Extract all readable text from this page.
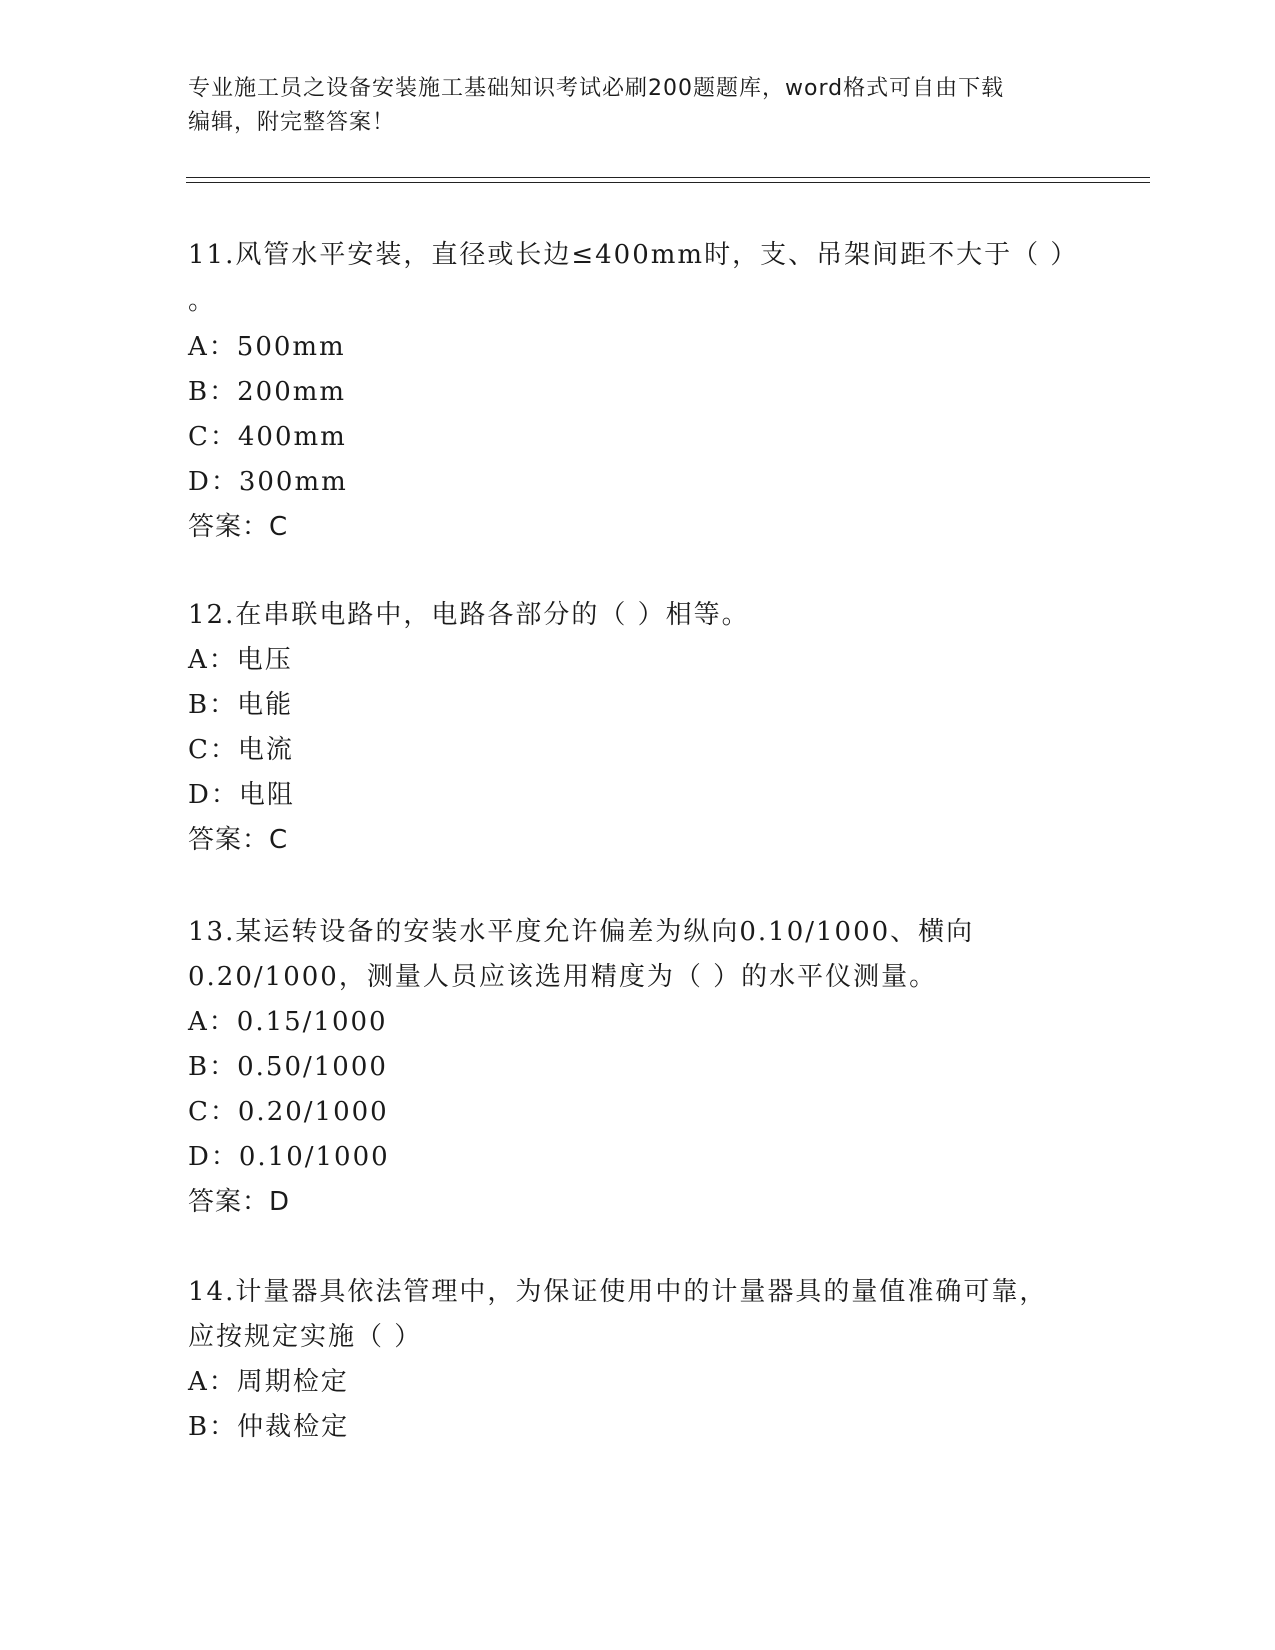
专业施工员之设备安装施工基础知识考试必刷200题题库，word格式可自由下载
编辑，附完整答案！
11.风管水平安装，直径或长边≤400mm时，支、吊架间距不大于（ ）
。
A：500mm
B：200mm
C：400mm
D：300mm
答案：C
12.在串联电路中，电路各部分的（ ）相等。
A：电压
B：电能
C：电流
D：电阻
答案：C
13.某运转设备的安装水平度允许偏差为纵向0.10/1000、横向
0.20/1000，测量人员应该选用精度为（ ）的水平仪测量。
A：0.15/1000
B：0.50/1000
C：0.20/1000
D：0.10/1000
答案：D
14.计量器具依法管理中，为保证使用中的计量器具的量值准确可靠，
应按规定实施（ ）
A：周期检定
B：仲裁检定
